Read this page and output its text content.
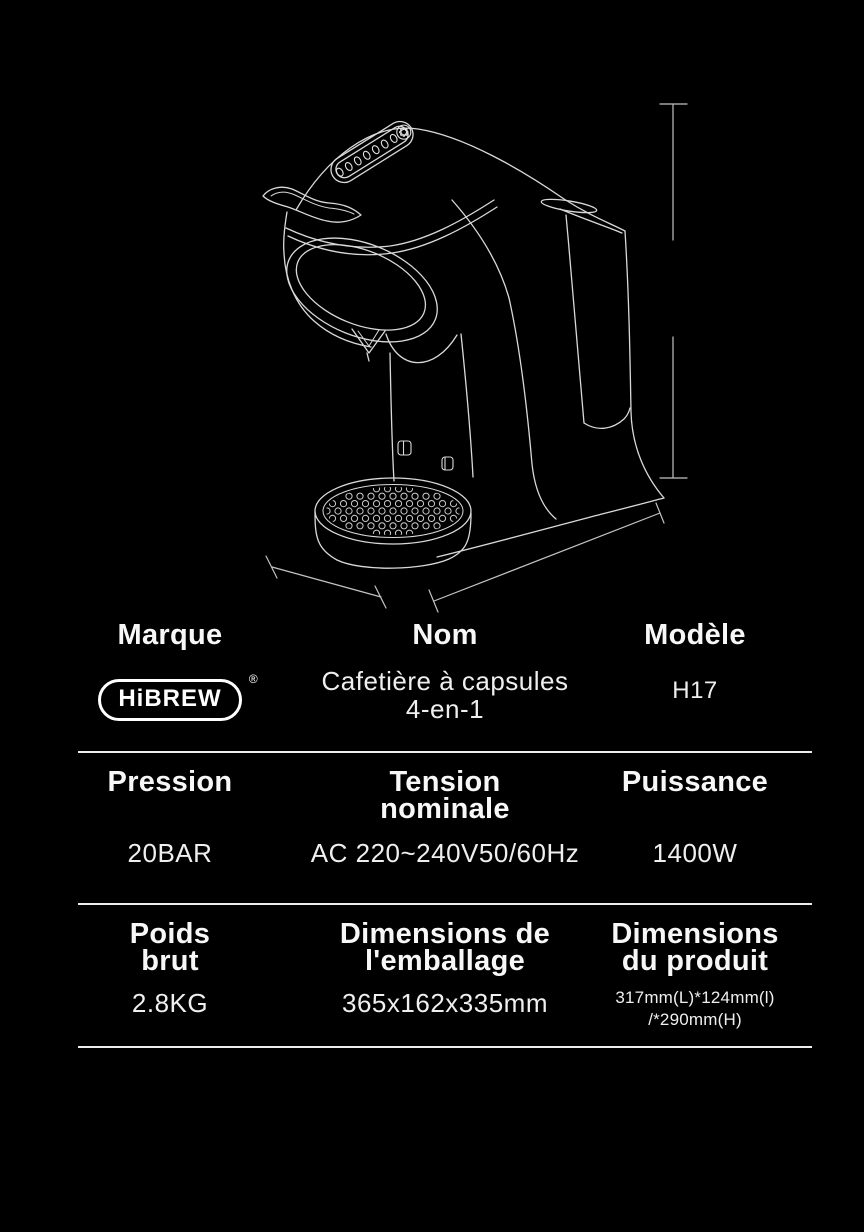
Marque
HiBREW
®
Nom
Cafetière à capsules
4-en-1
Modèle
H17
Pression
20BAR
Tension
nominale
AC 220~240V50/60Hz
Puissance
1400W
Poids
brut
2.8KG
Dimensions de
l'emballage
365x162x335mm
Dimensions
du produit
317mm(L)*124mm(l)
/*290mm(H)
